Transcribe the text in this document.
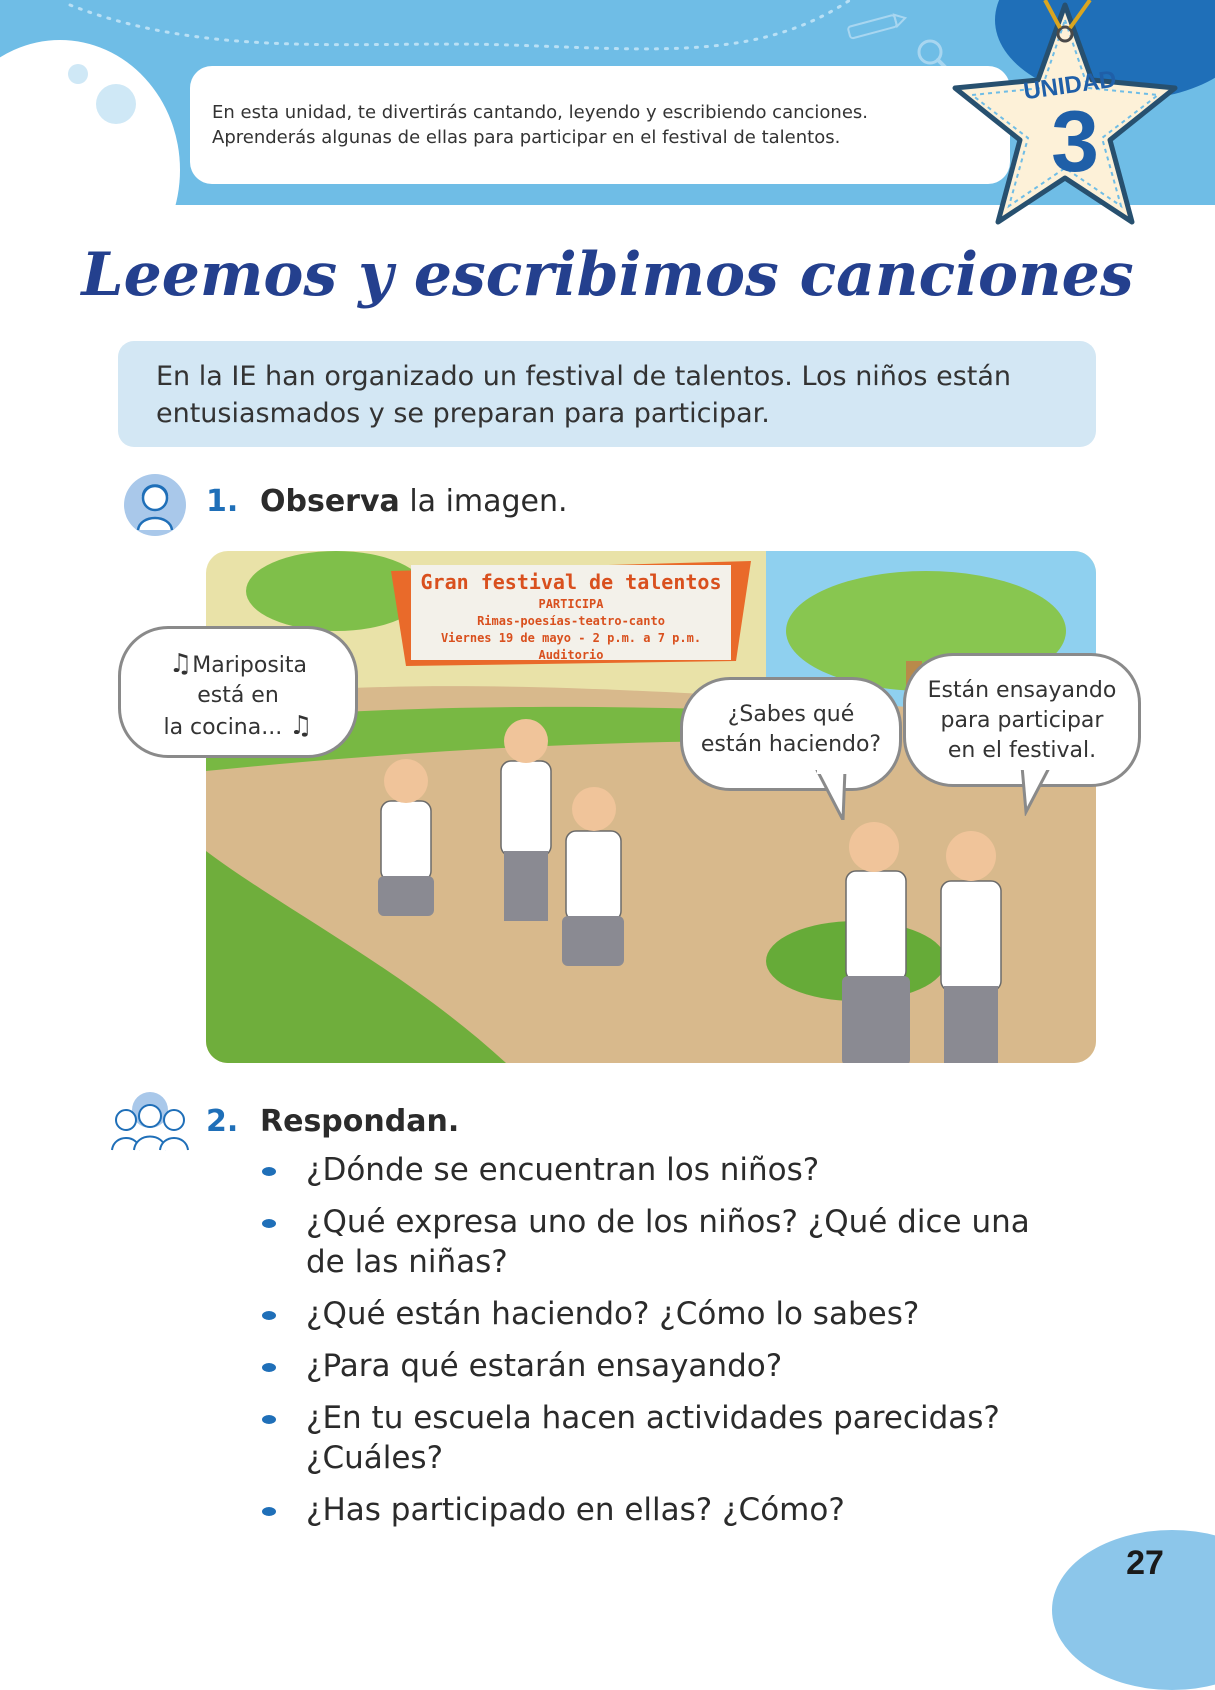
En esta unidad, te divertirás cantando, leyendo y escribiendo canciones.
Aprenderás algunas de ellas para participar en el festival de talentos.
UNIDAD
3
Leemos y escribimos canciones
En la IE han organizado un festival de talentos. Los niños están
entusiasmados y se preparan para participar.
1. Observa la imagen.
Gran festival de talentos
PARTICIPA
Rimas-poesías-teatro-canto
Viernes 19 de mayo - 2 p.m. a 7 p.m.
Auditorio
♫Mariposita
está en
la cocina... ♫	¿Sabes qué
están haciendo?
Están ensayando
para participar
en el festival.
2. Respondan.
¿Dónde se encuentran los niños?
¿Qué expresa uno de los niños? ¿Qué dice una
de las niñas?
¿Qué están haciendo? ¿Cómo lo sabes?
¿Para qué estarán ensayando?
¿En tu escuela hacen actividades parecidas?
¿Cuáles?
¿Has participado en ellas? ¿Cómo?
27
